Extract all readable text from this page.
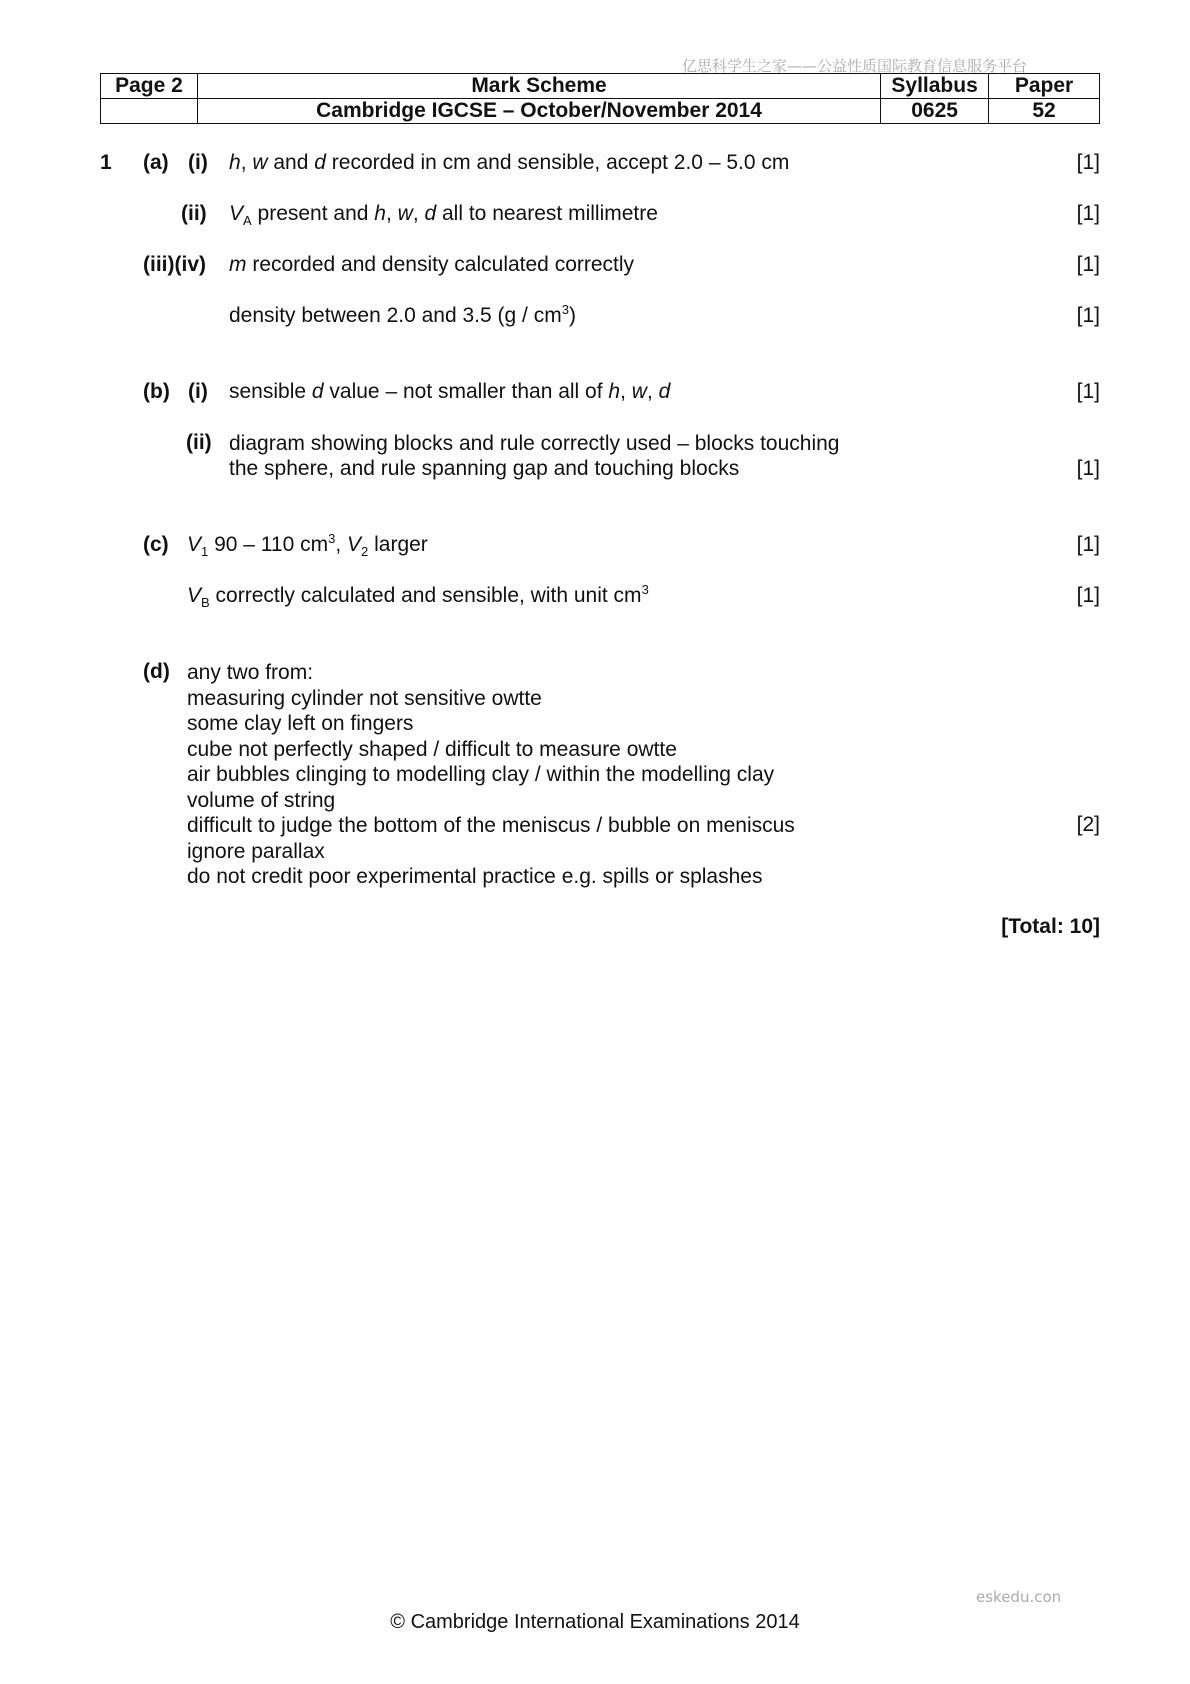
亿思科学生之家——公益性质国际教育信息服务平台
Page 2	Mark Scheme	Syllabus	Paper
	Cambridge IGCSE – October/November 2014	0625	52
1 (a) (i) h, w and d recorded in cm and sensible, accept 2.0 – 5.0 cm	[1]
(ii) $V_A$ present and h, w, d all to nearest millimetre	[1]
(iii)(iv) m recorded and density calculated correctly	[1]
density between 2.0 and 3.5 $(g / cm^3)$	[1]
(b) (i) sensible d value – not smaller than all of h, w, d	[1]
(ii) diagram showing blocks and rule correctly used – blocks touching
the sphere, and rule spanning gap and touching blocks	[1]
(c) $V_1$ 90 – 110 $cm^3$, $V_2$ larger	[1]
$V_B$ correctly calculated and sensible, with unit $cm^3$	[1]
(d) any two from:
measuring cylinder not sensitive owtte
some clay left on fingers
cube not perfectly shaped / difficult to measure owtte
air bubbles clinging to modelling clay / within the modelling clay
volume of string
difficult to judge the bottom of the meniscus / bubble on meniscus
ignore parallax
do not credit poor experimental practice e.g. spills or splashes
[2]
[Total: 10]
eskedu.con
© Cambridge International Examinations 2014
